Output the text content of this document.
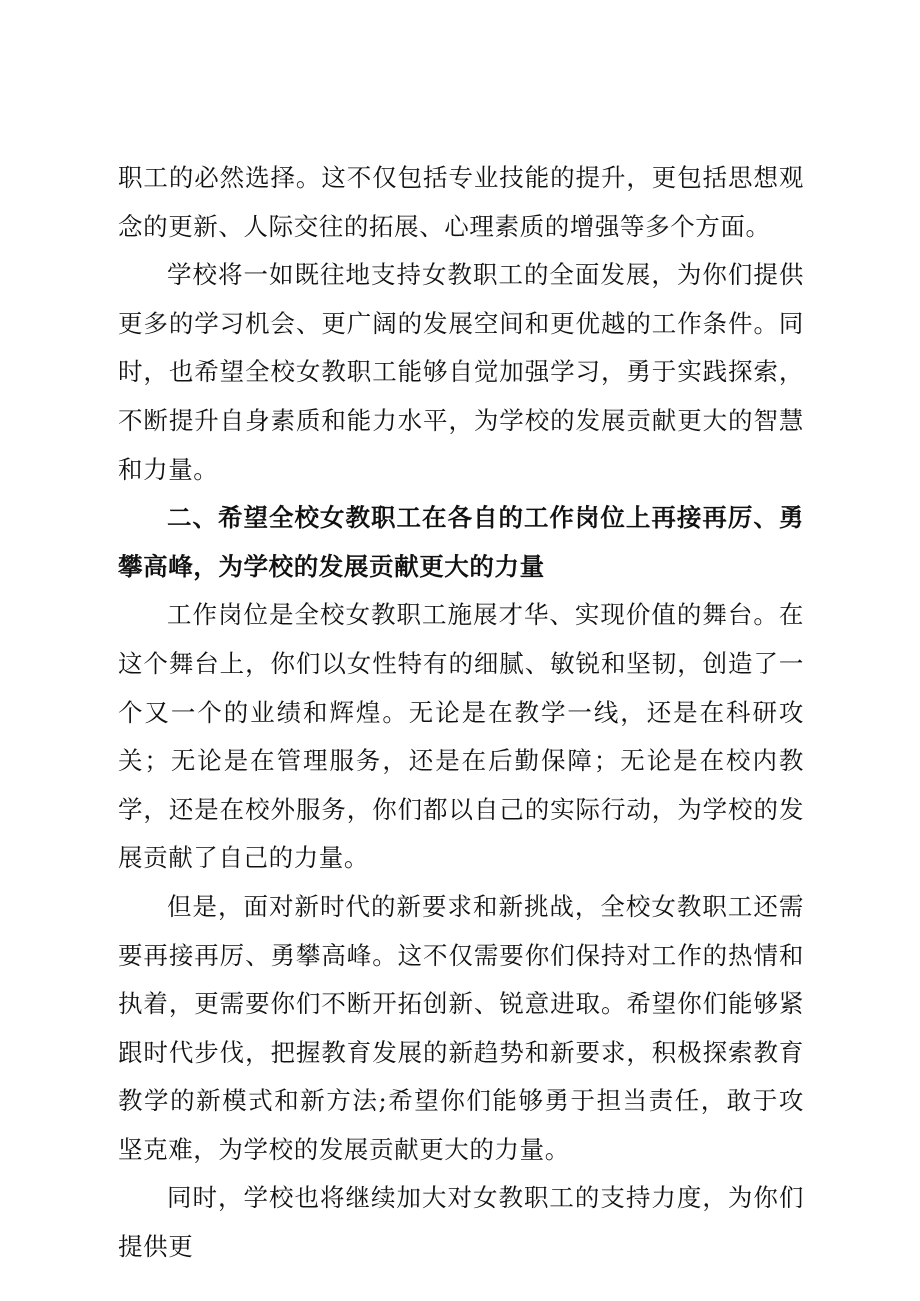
职工的必然选择。这不仅包括专业技能的提升，更包括思想观念的更新、人际交往的拓展、心理素质的增强等多个方面。

学校将一如既往地支持女教职工的全面发展，为你们提供更多的学习机会、更广阔的发展空间和更优越的工作条件。同时，也希望全校女教职工能够自觉加强学习，勇于实践探索，不断提升自身素质和能力水平，为学校的发展贡献更大的智慧和力量。

二、希望全校女教职工在各自的工作岗位上再接再厉、勇攀高峰，为学校的发展贡献更大的力量

工作岗位是全校女教职工施展才华、实现价值的舞台。在这个舞台上，你们以女性特有的细腻、敏锐和坚韧，创造了一个又一个的业绩和辉煌。无论是在教学一线，还是在科研攻关；无论是在管理服务，还是在后勤保障；无论是在校内教学，还是在校外服务，你们都以自己的实际行动，为学校的发展贡献了自己的力量。

但是，面对新时代的新要求和新挑战，全校女教职工还需要再接再厉、勇攀高峰。这不仅需要你们保持对工作的热情和执着，更需要你们不断开拓创新、锐意进取。希望你们能够紧跟时代步伐，把握教育发展的新趋势和新要求，积极探索教育教学的新模式和新方法;希望你们能够勇于担当责任，敢于攻坚克难，为学校的发展贡献更大的力量。

同时，学校也将继续加大对女教职工的支持力度，为你们提供更
